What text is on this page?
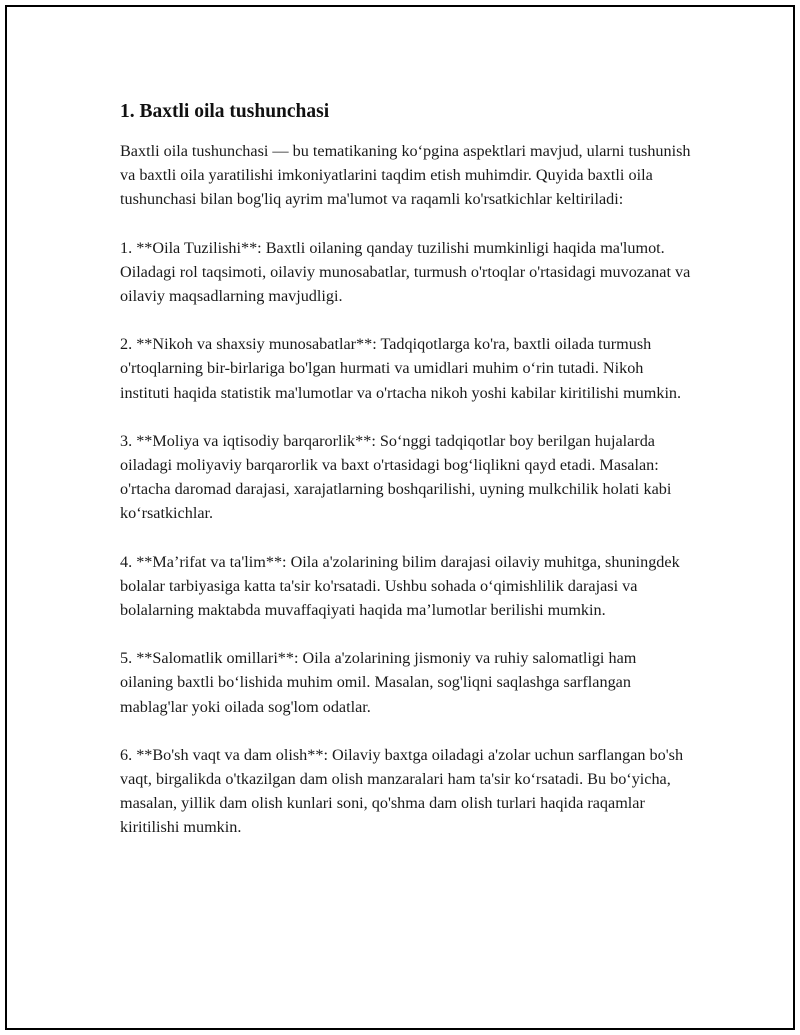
1. Baxtli oila tushunchasi

Baxtli oila tushunchasi — bu tematikaning koʻpgina aspektlari mavjud, ularni tushunish va baxtli oila yaratilishi imkoniyatlarini taqdim etish muhimdir. Quyida baxtli oila tushunchasi bilan bog'liq ayrim ma'lumot va raqamli ko'rsatkichlar keltiriladi:

1. **Oila Tuzilishi**: Baxtli oilaning qanday tuzilishi mumkinligi haqida ma'lumot. Oiladagi rol taqsimoti, oilaviy munosabatlar, turmush o'rtoqlar o'rtasidagi muvozanat va oilaviy maqsadlarning mavjudligi.

2. **Nikoh va shaxsiy munosabatlar**: Tadqiqotlarga ko'ra, baxtli oilada turmush o'rtoqlarning bir-birlariga bo'lgan hurmati va umidlari muhim oʻrin tutadi. Nikoh instituti haqida statistik ma'lumotlar va o'rtacha nikoh yoshi kabilar kiritilishi mumkin.

3. **Moliya va iqtisodiy barqarorlik**: Soʻnggi tadqiqotlar boy berilgan hujalarda oiladagi moliyaviy barqarorlik va baxt o'rtasidagi bogʻliqlikni qayd etadi. Masalan: o'rtacha daromad darajasi, xarajatlarning boshqarilishi, uyning mulkchilik holati kabi koʻrsatkichlar.

4. **Maʼrifat va ta'lim**: Oila a'zolarining bilim darajasi oilaviy muhitga, shuningdek bolalar tarbiyasiga katta ta'sir ko'rsatadi. Ushbu sohada oʻqimishlilik darajasi va bolalarning maktabda muvaffaqiyati haqida maʼlumotlar berilishi mumkin.

5. **Salomatlik omillari**: Oila a'zolarining jismoniy va ruhiy salomatligi ham oilaning baxtli boʻlishida muhim omil. Masalan, sog'liqni saqlashga sarflangan mablag'lar yoki oilada sog'lom odatlar.

6. **Bo'sh vaqt va dam olish**: Oilaviy baxtga oiladagi a'zolar uchun sarflangan bo'sh vaqt, birgalikda o'tkazilgan dam olish manzaralari ham ta'sir koʻrsatadi. Bu boʻyicha, masalan, yillik dam olish kunlari soni, qo'shma dam olish turlari haqida raqamlar kiritilishi mumkin.
